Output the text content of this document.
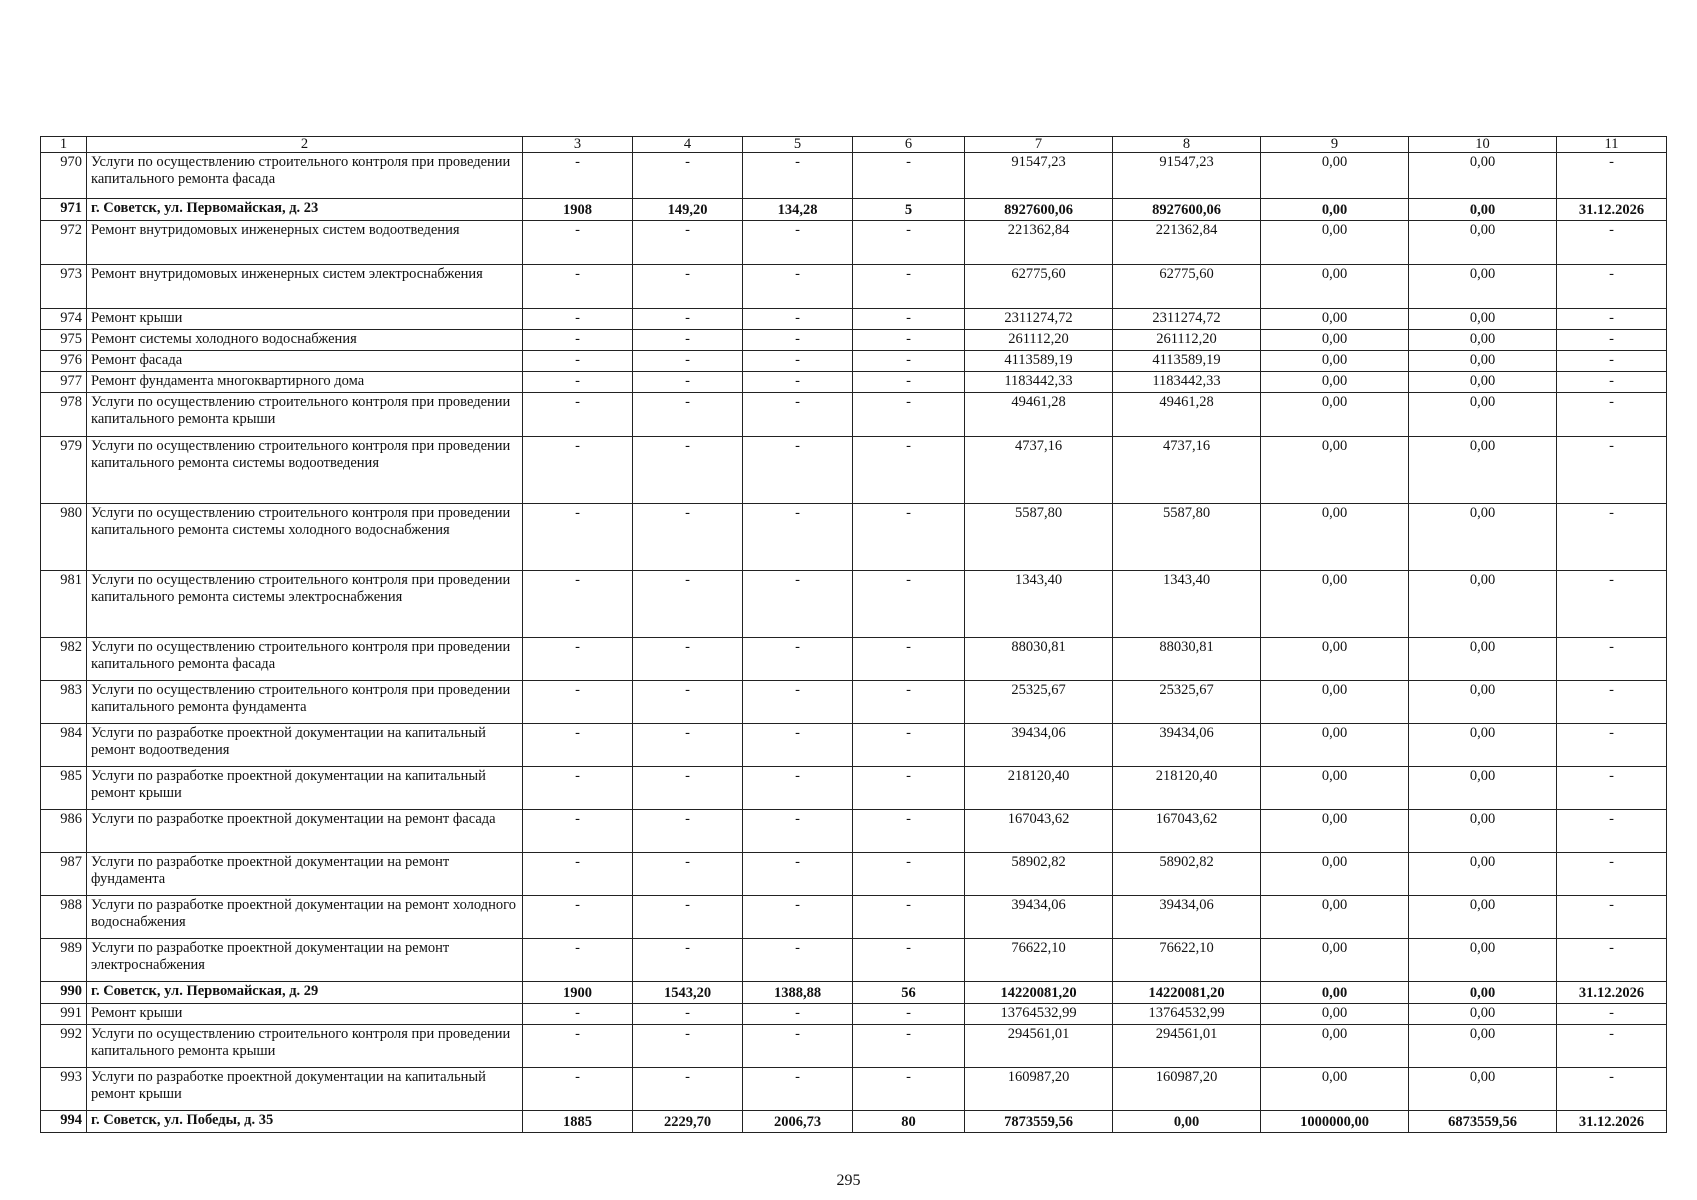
1	2	3	4	5	6	7	8	9	10	11
970	Услуги по осуществлению строительного контроля при проведении капитального ремонта фасада	-	-	-	-	91547,23	91547,23	0,00	0,00	-
971	г. Советск, ул. Первомайская, д. 23	1908	149,20	134,28	5	8927600,06	8927600,06	0,00	0,00	31.12.2026
972	Ремонт внутридомовых инженерных систем водоотведения	-	-	-	-	221362,84	221362,84	0,00	0,00	-
973	Ремонт внутридомовых инженерных систем электроснабжения	-	-	-	-	62775,60	62775,60	0,00	0,00	-
974	Ремонт крыши	-	-	-	-	2311274,72	2311274,72	0,00	0,00	-
975	Ремонт системы холодного водоснабжения	-	-	-	-	261112,20	261112,20	0,00	0,00	-
976	Ремонт фасада	-	-	-	-	4113589,19	4113589,19	0,00	0,00	-
977	Ремонт фундамента многоквартирного дома	-	-	-	-	1183442,33	1183442,33	0,00	0,00	-
978	Услуги по осуществлению строительного контроля при проведении капитального ремонта крыши	-	-	-	-	49461,28	49461,28	0,00	0,00	-
979	Услуги по осуществлению строительного контроля при проведении капитального ремонта системы водоотведения	-	-	-	-	4737,16	4737,16	0,00	0,00	-
980	Услуги по осуществлению строительного контроля при проведении капитального ремонта системы холодного водоснабжения	-	-	-	-	5587,80	5587,80	0,00	0,00	-
981	Услуги по осуществлению строительного контроля при проведении капитального ремонта системы электроснабжения	-	-	-	-	1343,40	1343,40	0,00	0,00	-
982	Услуги по осуществлению строительного контроля при проведении капитального ремонта фасада	-	-	-	-	88030,81	88030,81	0,00	0,00	-
983	Услуги по осуществлению строительного контроля при проведении капитального ремонта фундамента	-	-	-	-	25325,67	25325,67	0,00	0,00	-
984	Услуги по разработке проектной документации на капитальный ремонт водоотведения	-	-	-	-	39434,06	39434,06	0,00	0,00	-
985	Услуги по разработке проектной документации на капитальный ремонт крыши	-	-	-	-	218120,40	218120,40	0,00	0,00	-
986	Услуги по разработке проектной документации на ремонт фасада	-	-	-	-	167043,62	167043,62	0,00	0,00	-
987	Услуги по разработке проектной документации на ремонт фундамента	-	-	-	-	58902,82	58902,82	0,00	0,00	-
988	Услуги по разработке проектной документации на ремонт холодного водоснабжения	-	-	-	-	39434,06	39434,06	0,00	0,00	-
989	Услуги по разработке проектной документации на ремонт электроснабжения	-	-	-	-	76622,10	76622,10	0,00	0,00	-
990	г. Советск, ул. Первомайская, д. 29	1900	1543,20	1388,88	56	14220081,20	14220081,20	0,00	0,00	31.12.2026
991	Ремонт крыши	-	-	-	-	13764532,99	13764532,99	0,00	0,00	-
992	Услуги по осуществлению строительного контроля при проведении капитального ремонта крыши	-	-	-	-	294561,01	294561,01	0,00	0,00	-
993	Услуги по разработке проектной документации на капитальный ремонт крыши	-	-	-	-	160987,20	160987,20	0,00	0,00	-
994	г. Советск, ул. Победы, д. 35	1885	2229,70	2006,73	80	7873559,56	0,00	1000000,00	6873559,56	31.12.2026
295
